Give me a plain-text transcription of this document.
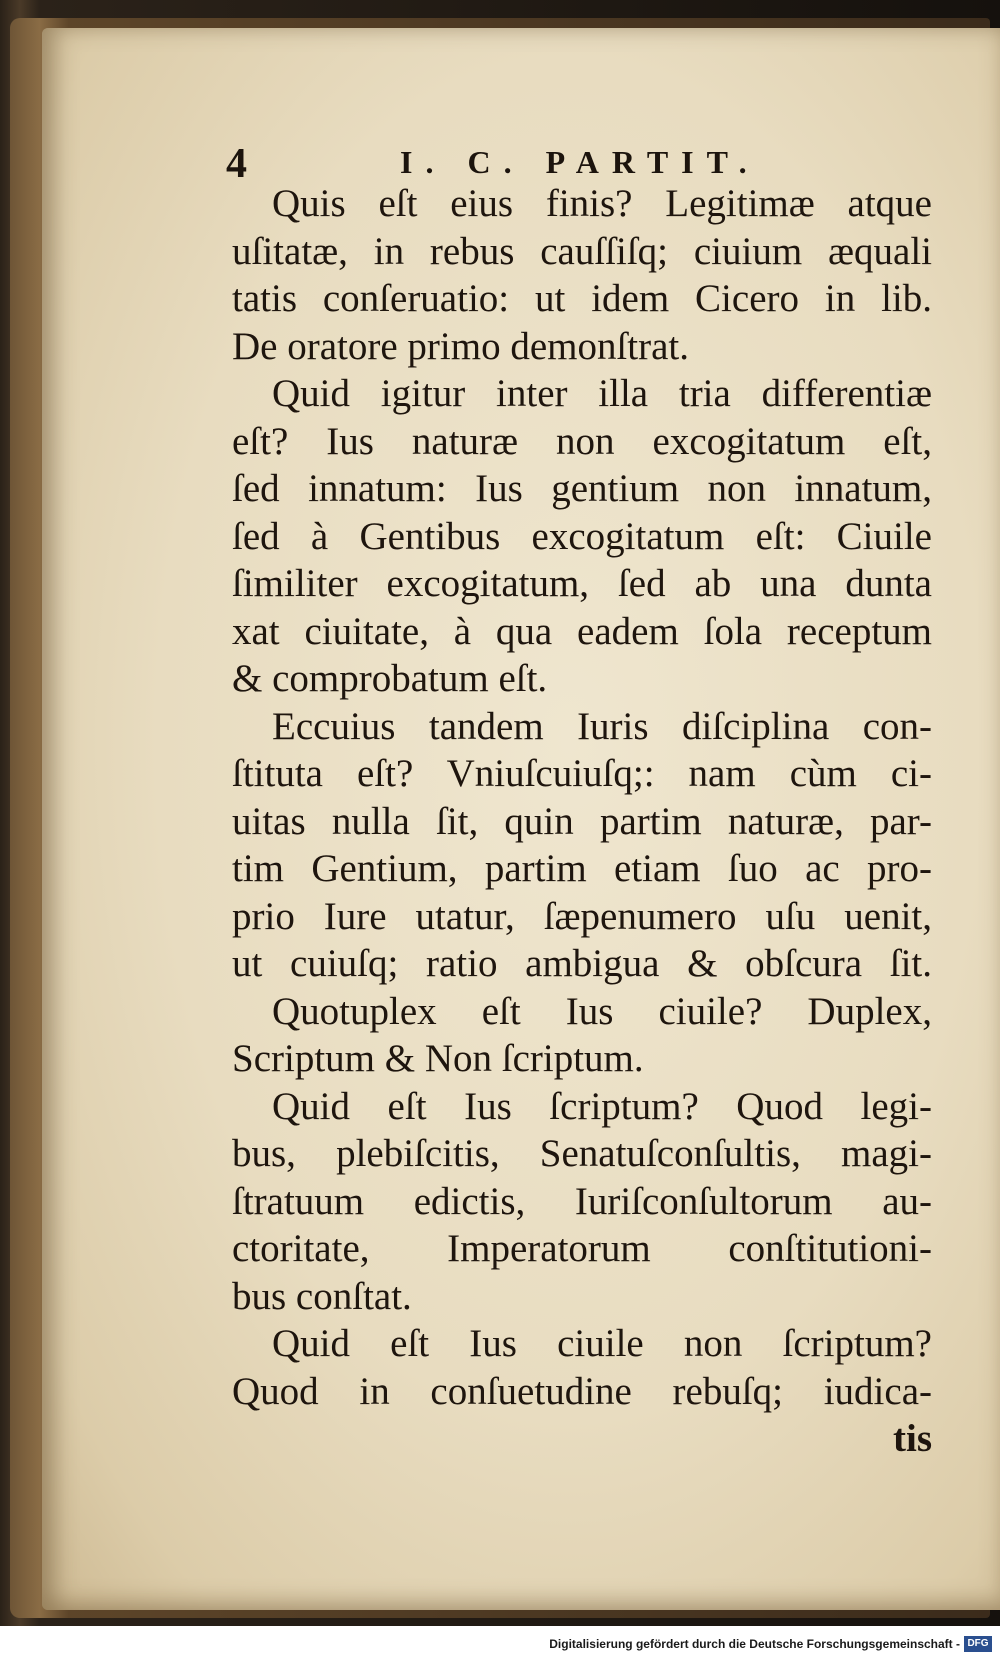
4	I. C. PARTIT.
Quis eſt eius finis? Legitimæ atque
uſitatæ, in rebus cauſſiſq; ciuium æquali
tatis conſeruatio: ut idem Cicero in lib.
De oratore primo demonſtrat.
Quid igitur inter illa tria differentiæ
eſt? Ius naturæ non excogitatum eſt,
ſed innatum: Ius gentium non innatum,
ſed à Gentibus excogitatum eſt: Ciuile
ſimiliter excogitatum, ſed ab una dunta
xat ciuitate, à qua eadem ſola receptum
& comprobatum eſt.
Eccuius tandem Iuris diſciplina con-
ſtituta eſt? Vniuſcuiuſq;: nam cùm ci-
uitas nulla ſit, quin partim naturæ, par-
tim Gentium, partim etiam ſuo ac pro-
prio Iure utatur, ſæpenumero uſu uenit,
ut cuiuſq; ratio ambigua & obſcura ſit.
Quotuplex eſt Ius ciuile? Duplex,
Scriptum & Non ſcriptum.
Quid eſt Ius ſcriptum? Quod legi-
bus, plebiſcitis, Senatuſconſultis, magi-
ſtratuum edictis, Iuriſconſultorum au-
ctoritate, Imperatorum conſtitutioni-
bus conſtat.
Quid eſt Ius ciuile non ſcriptum?
Quod in conſuetudine rebuſq; iudica-
tis
Digitalisierung gefördert durch die Deutsche Forschungsgemeinschaft - DFG
